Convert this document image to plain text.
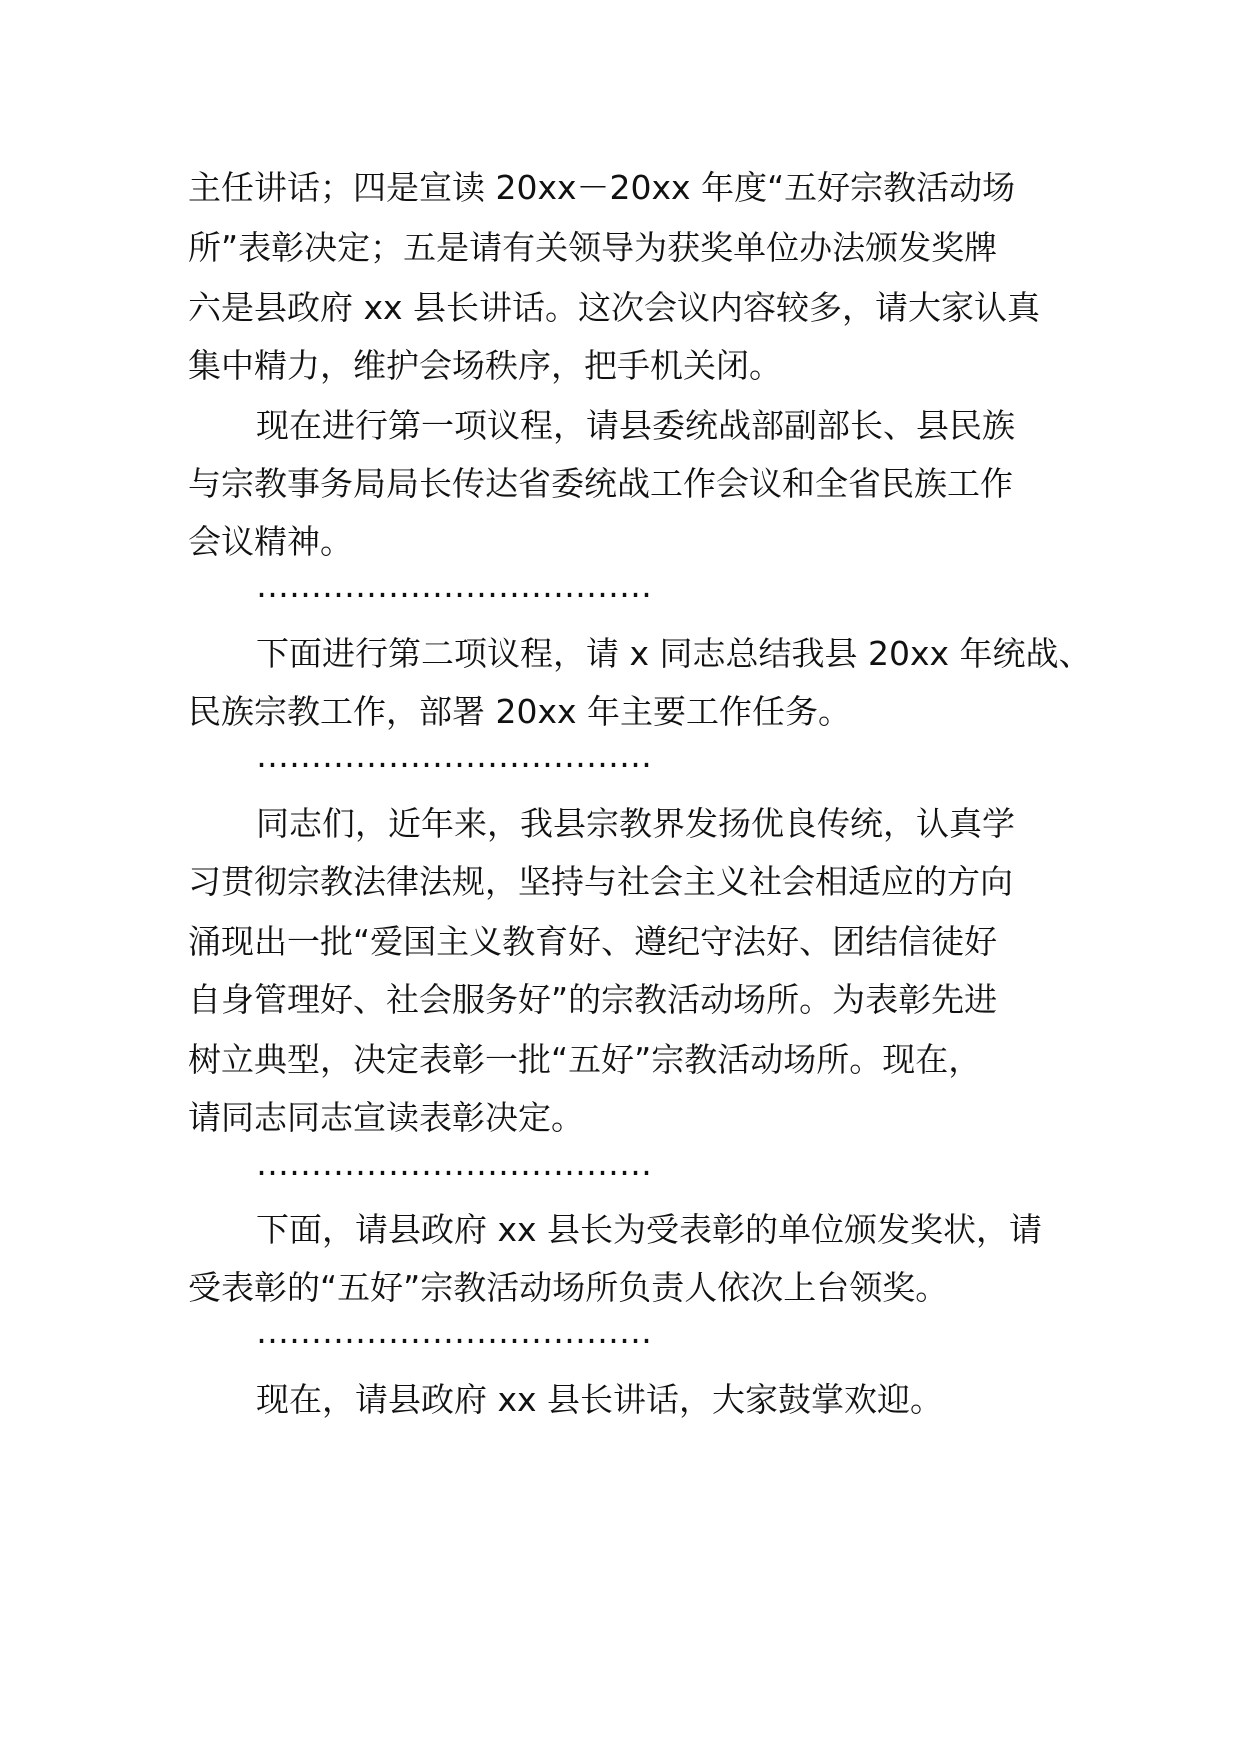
主任讲话；四是宣读 20xx－20xx 年度“五好宗教活动场
所”表彰决定；五是请有关领导为获奖单位办法颁发奖牌
六是县政府 xx 县长讲话。这次会议内容较多，请大家认真
集中精力，维护会场秩序，把手机关闭。
现在进行第一项议程，请县委统战部副部长、县民族
与宗教事务局局长传达省委统战工作会议和全省民族工作
会议精神。
………………………………
下面进行第二项议程，请 x 同志总结我县 20xx 年统战、
民族宗教工作，部署 20xx 年主要工作任务。
………………………………
同志们，近年来，我县宗教界发扬优良传统，认真学
习贯彻宗教法律法规，坚持与社会主义社会相适应的方向
涌现出一批“爱国主义教育好、遵纪守法好、团结信徒好
自身管理好、社会服务好”的宗教活动场所。为表彰先进
树立典型，决定表彰一批“五好”宗教活动场所。现在，
请同志同志宣读表彰决定。
………………………………
下面，请县政府 xx 县长为受表彰的单位颁发奖状，请
受表彰的“五好”宗教活动场所负责人依次上台领奖。
………………………………
现在，请县政府 xx 县长讲话，大家鼓掌欢迎。
